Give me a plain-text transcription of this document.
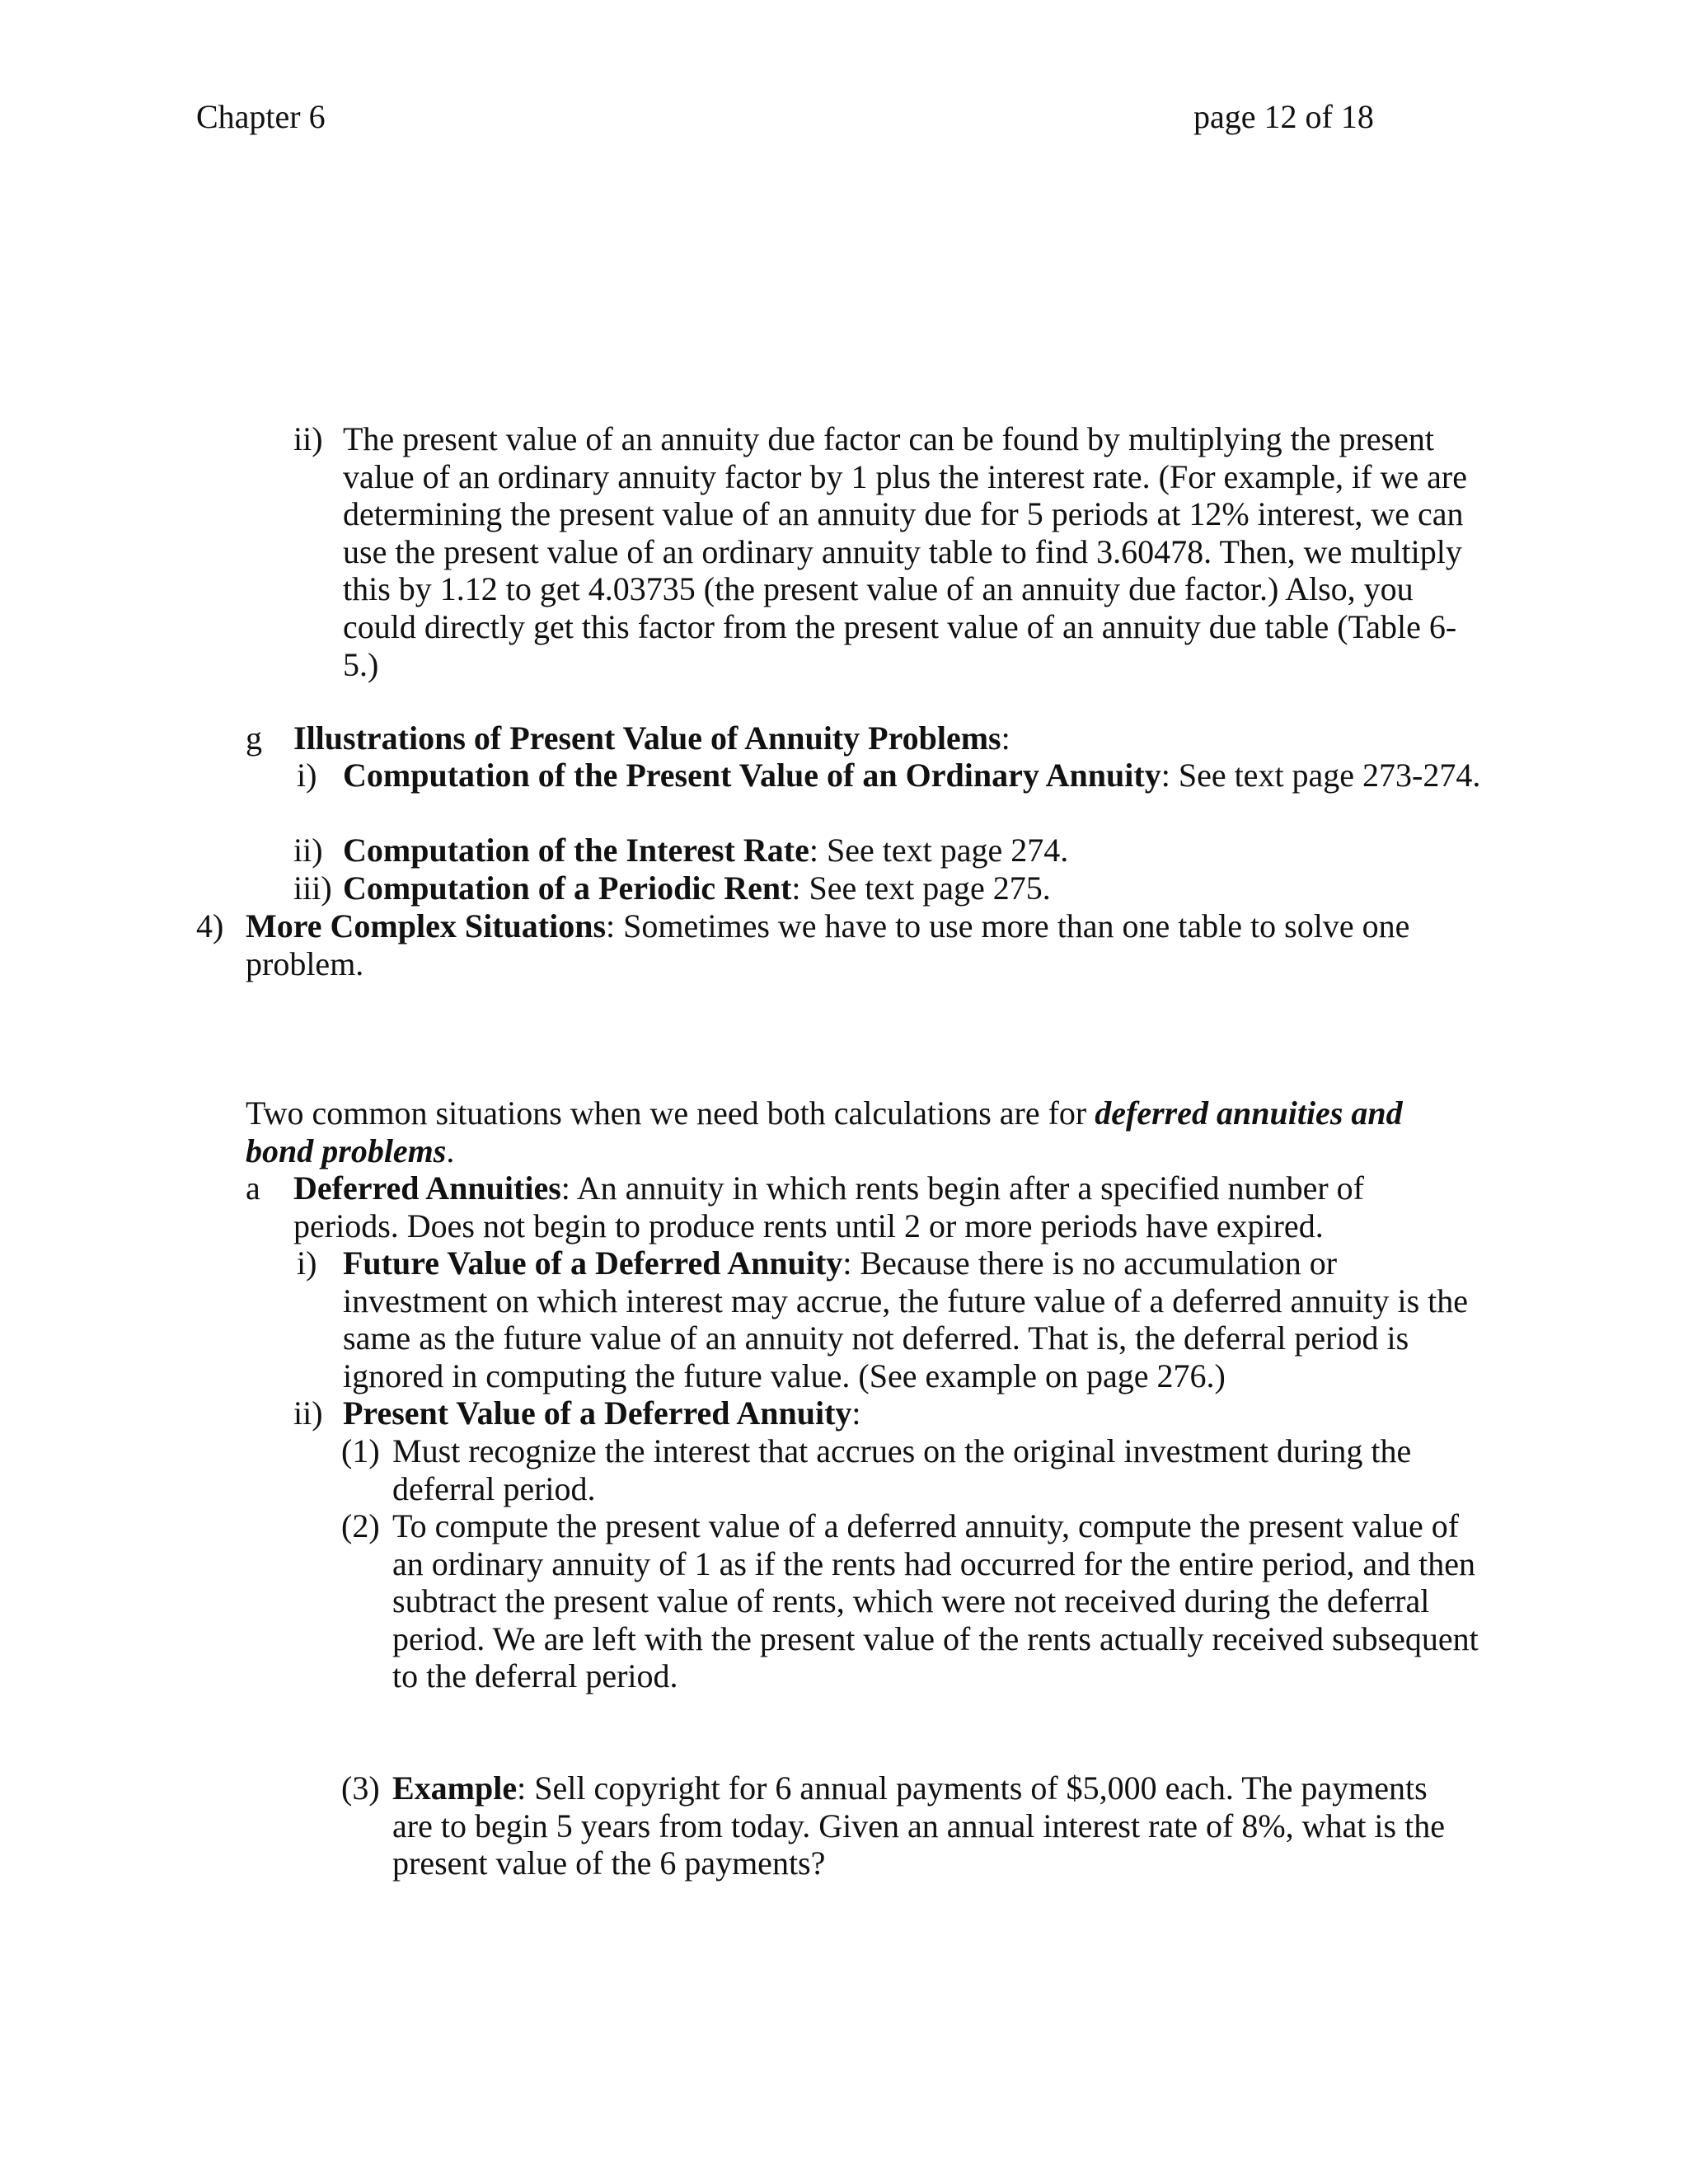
Chapter 6	page 12 of 18
ii) The present value of an annuity due factor can be found by multiplying the present value of an ordinary annuity factor by 1 plus the interest rate. (For example, if we are determining the present value of an annuity due for 5 periods at 12% interest, we can use the present value of an ordinary annuity table to find 3.60478. Then, we multiply this by 1.12 to get 4.03735 (the present value of an annuity due factor.) Also, you could directly get this factor from the present value of an annuity due table (Table 6-5.)
g Illustrations of Present Value of Annuity Problems:
i) Computation of the Present Value of an Ordinary Annuity: See text page 273-274.
ii) Computation of the Interest Rate: See text page 274.
iii) Computation of a Periodic Rent: See text page 275.
4) More Complex Situations: Sometimes we have to use more than one table to solve one problem.
Two common situations when we need both calculations are for deferred annuities and bond problems.
a Deferred Annuities: An annuity in which rents begin after a specified number of periods. Does not begin to produce rents until 2 or more periods have expired.
i) Future Value of a Deferred Annuity: Because there is no accumulation or investment on which interest may accrue, the future value of a deferred annuity is the same as the future value of an annuity not deferred. That is, the deferral period is ignored in computing the future value. (See example on page 276.)
ii) Present Value of a Deferred Annuity:
(1) Must recognize the interest that accrues on the original investment during the deferral period.
(2) To compute the present value of a deferred annuity, compute the present value of an ordinary annuity of 1 as if the rents had occurred for the entire period, and then subtract the present value of rents, which were not received during the deferral period. We are left with the present value of the rents actually received subsequent to the deferral period.
(3) Example: Sell copyright for 6 annual payments of $5,000 each. The payments are to begin 5 years from today. Given an annual interest rate of 8%, what is the present value of the 6 payments?
